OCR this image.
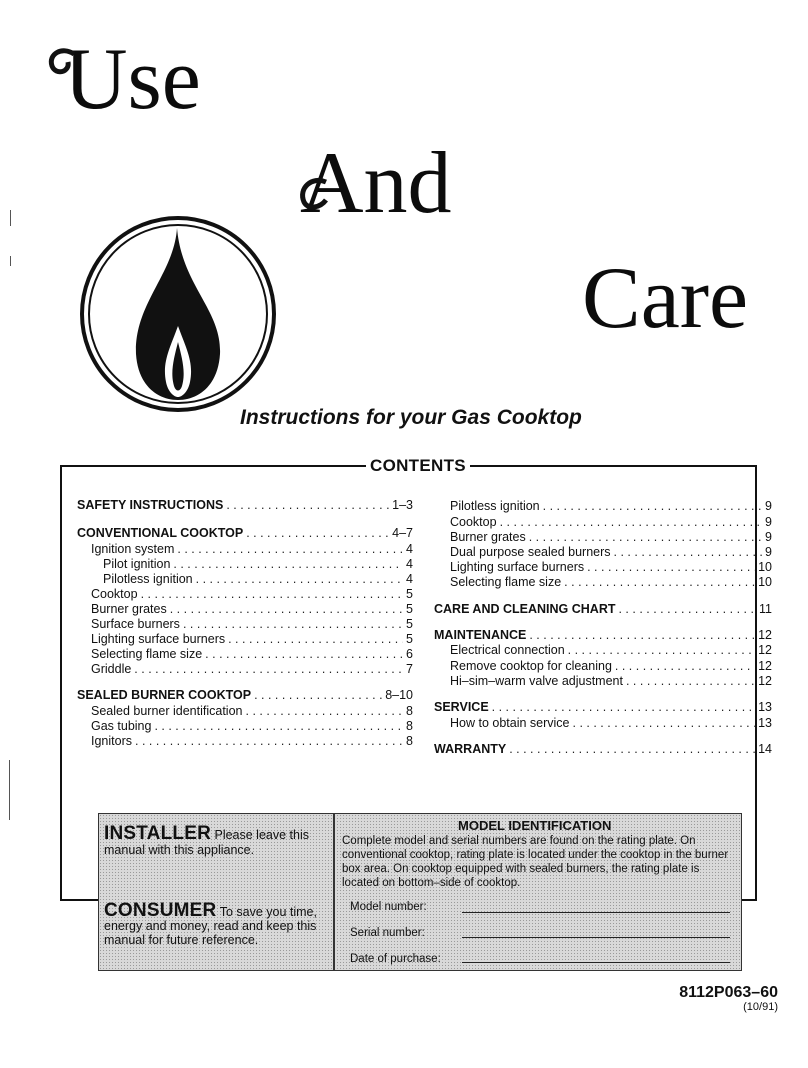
Use
And
Care
Instructions for your Gas Cooktop
CONTENTS
SAFETY INSTRUCTIONS . . .	1–3
CONVENTIONAL COOKTOP . . .	4–7
Ignition system . . .	4
Pilot ignition . . .	4
Pilotless ignition . . .	4
Cooktop . . .	5
Burner grates . . .	5
Surface burners . . .	5
Lighting surface burners . . .	5
Selecting flame size . . .	6
Griddle . . .	7
SEALED BURNER COOKTOP . . .	8–10
Sealed burner identification . . .	8
Gas tubing . . .	8
Ignitors . . .	8
Pilotless ignition . . .	9
Cooktop . . .	9
Burner grates . . .	9
Dual purpose sealed burners . . .	9
Lighting surface burners . . .	10
Selecting flame size . . .	10
CARE AND CLEANING CHART . . .	11
MAINTENANCE . . .	12
Electrical connection . . .	12
Remove cooktop for cleaning . . .	12
Hi–sim–warm valve adjustment . . .	12
SERVICE . . .	13
How to obtain service . . .	13
WARRANTY . . .	14
INSTALLER Please leave this manual with this appliance.
CONSUMER To save you time, energy and money, read and keep this manual for future reference.
MODEL IDENTIFICATION
Complete model and serial numbers are found on the rating plate. On conventional cooktop, rating plate is located under the cooktop in the burner box area. On cooktop equipped with sealed burners, the rating plate is located on bottom–side of cooktop.
Model number:
Serial number:
Date of purchase:
8112P063–60
(10/91)
